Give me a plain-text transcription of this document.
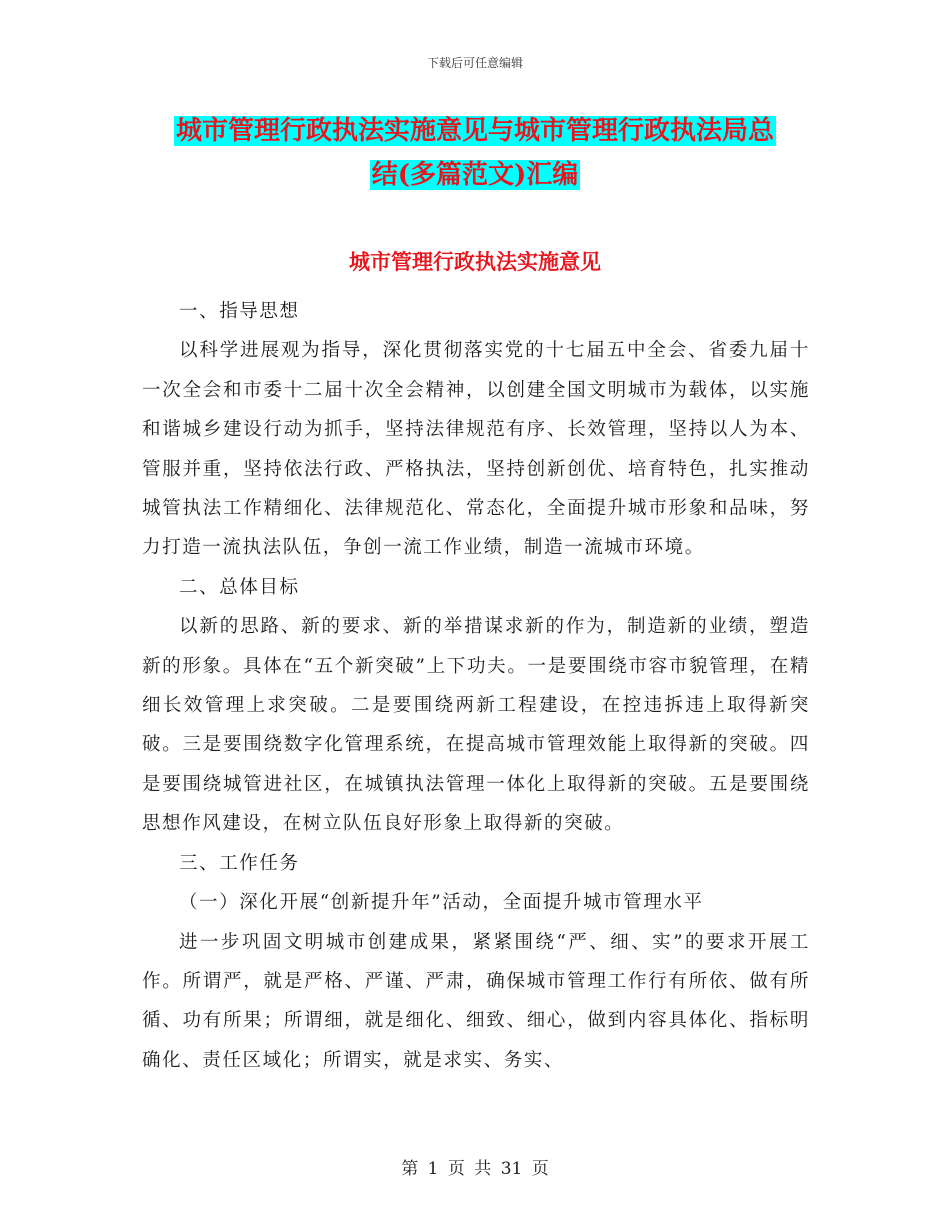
下载后可任意编辑
城市管理行政执法实施意见与城市管理行政执法局总
结(多篇范文)汇编
城市管理行政执法实施意见

一、指导思想

以科学进展观为指导，深化贯彻落实党的十七届五中全会、省委九届十一次全会和市委十二届十次全会精神，以创建全国文明城市为载体，以实施和谐城乡建设行动为抓手，坚持法律规范有序、长效管理，坚持以人为本、管服并重，坚持依法行政、严格执法，坚持创新创优、培育特色，扎实推动城管执法工作精细化、法律规范化、常态化，全面提升城市形象和品味，努力打造一流执法队伍，争创一流工作业绩，制造一流城市环境。

二、总体目标

以新的思路、新的要求、新的举措谋求新的作为，制造新的业绩，塑造新的形象。具体在“五个新突破”上下功夫。一是要围绕市容市貌管理，在精细长效管理上求突破。二是要围绕两新工程建设，在控违拆违上取得新突破。三是要围绕数字化管理系统，在提高城市管理效能上取得新的突破。四是要围绕城管进社区，在城镇执法管理一体化上取得新的突破。五是要围绕思想作风建设，在树立队伍良好形象上取得新的突破。

三、工作任务

（一）深化开展“创新提升年”活动，全面提升城市管理水平

进一步巩固文明城市创建成果，紧紧围绕“严、细、实”的要求开展工作。所谓严，就是严格、严谨、严肃，确保城市管理工作行有所依、做有所循、功有所果；所谓细，就是细化、细致、细心，做到内容具体化、指标明确化、责任区域化；所谓实，就是求实、务实、

第 1 页 共 31 页
